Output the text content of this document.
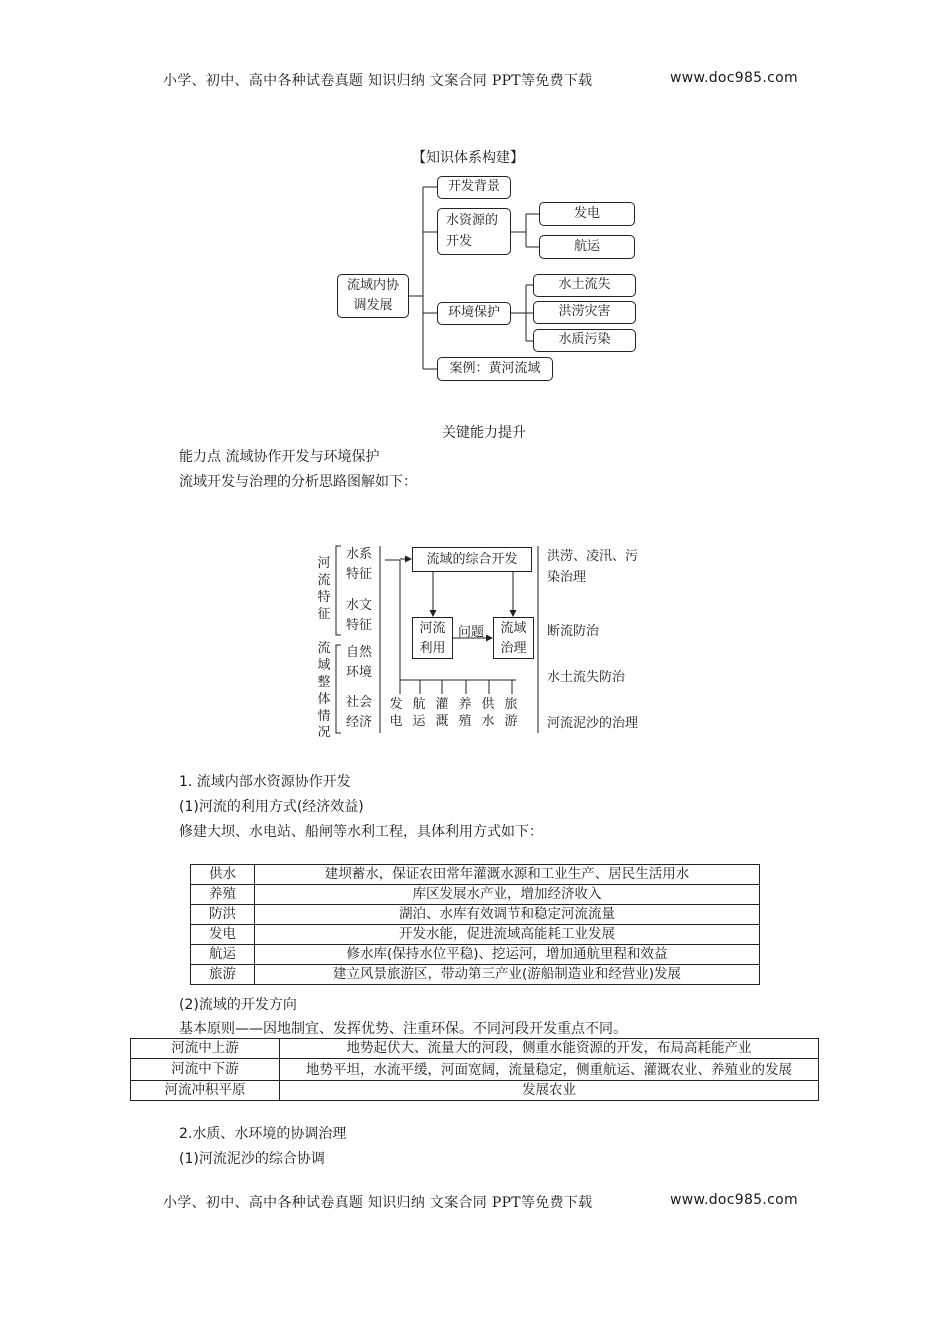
小学、初中、高中各种试卷真题 知识归纳 文案合同 PPT等免费下载	www.doc985.com
【知识体系构建】
流域内协调发展
开发背景
水资源的开发
发电
航运
环境保护
水土流失
洪涝灾害
水质污染
案例：黄河流域
关键能力提升
能力点 流域协作开发与环境保护
流域开发与治理的分析思路图解如下：
河流特征
流域整体情况
水系特征
水文特征
自然环境
社会经济
流域的综合开发
河流利用
流域治理
问题
发电
航运
灌溉
养殖
供水
旅游
洪涝、凌汛、污染治理
断流防治
水土流失防治
河流泥沙的治理
1. 流域内部水资源协作开发
(1)河流的利用方式(经济效益)
修建大坝、水电站、船闸等水利工程，具体利用方式如下：
供水	建坝蓄水，保证农田常年灌溉水源和工业生产、居民生活用水
养殖	库区发展水产业，增加经济收入
防洪	湖泊、水库有效调节和稳定河流流量
发电	开发水能，促进流域高能耗工业发展
航运	修水库(保持水位平稳)、挖运河，增加通航里程和效益
旅游	建立风景旅游区，带动第三产业(游船制造业和经营业)发展
(2)流域的开发方向
基本原则——因地制宜、发挥优势、注重环保。不同河段开发重点不同。
河流中上游	地势起伏大、流量大的河段，侧重水能资源的开发，布局高耗能产业
河流中下游	地势平坦，水流平缓，河面宽阔，流量稳定，侧重航运、灌溉农业、养殖业的发展
河流冲积平原	发展农业
2.水质、水环境的协调治理
(1)河流泥沙的综合协调
小学、初中、高中各种试卷真题 知识归纳 文案合同 PPT等免费下载	www.doc985.com
